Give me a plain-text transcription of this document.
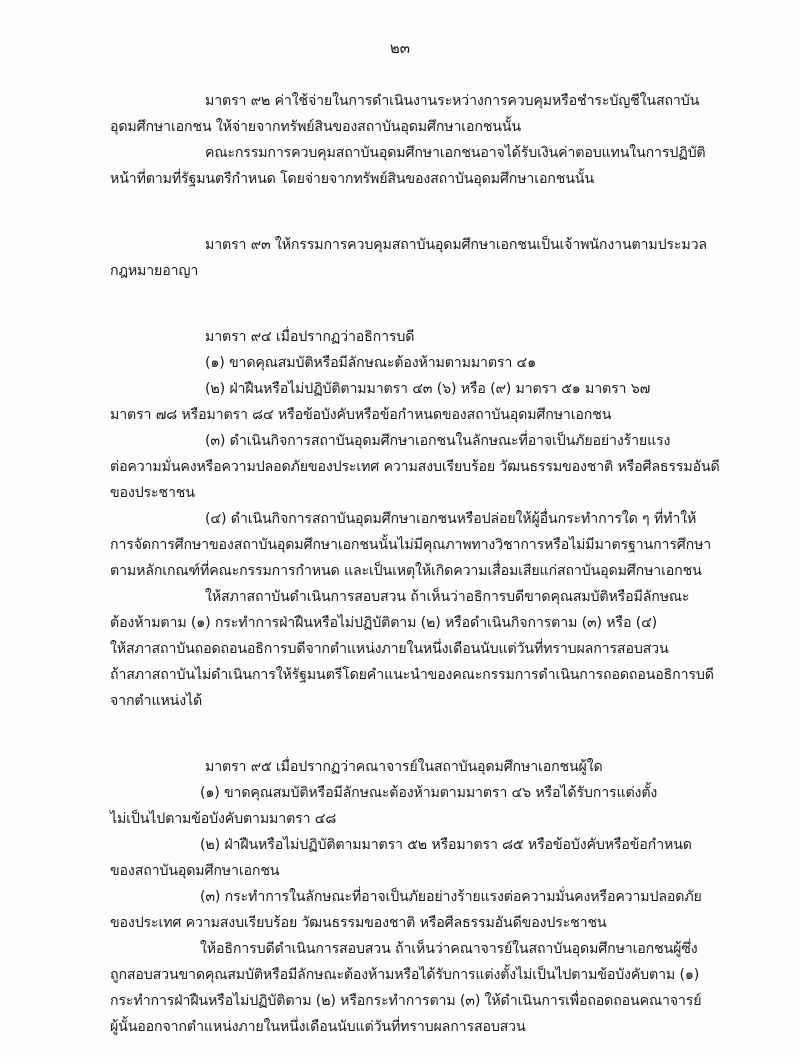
๒๓
มาตรา ๙๒ ค่าใช้จ่ายในการดำเนินงานระหว่างการควบคุมหรือชำระบัญชีในสถาบัน
อุดมศึกษาเอกชน ให้จ่ายจากทรัพย์สินของสถาบันอุดมศึกษาเอกชนนั้น
คณะกรรมการควบคุมสถาบันอุดมศึกษาเอกชนอาจได้รับเงินค่าตอบแทนในการปฏิบัติ
หน้าที่ตามที่รัฐมนตรีกำหนด โดยจ่ายจากทรัพย์สินของสถาบันอุดมศึกษาเอกชนนั้น
มาตรา ๙๓ ให้กรรมการควบคุมสถาบันอุดมศึกษาเอกชนเป็นเจ้าพนักงานตามประมวล
กฎหมายอาญา
มาตรา ๙๔ เมื่อปรากฏว่าอธิการบดี
(๑) ขาดคุณสมบัติหรือมีลักษณะต้องห้ามตามมาตรา ๔๑
(๒) ฝ่าฝืนหรือไม่ปฏิบัติตามมาตรา ๔๓ (๖) หรือ (๙) มาตรา ๕๑ มาตรา ๖๗
มาตรา ๗๘ หรือมาตรา ๘๔ หรือข้อบังคับหรือข้อกำหนดของสถาบันอุดมศึกษาเอกชน
(๓) ดำเนินกิจการสถาบันอุดมศึกษาเอกชนในลักษณะที่อาจเป็นภัยอย่างร้ายแรง
ต่อความมั่นคงหรือความปลอดภัยของประเทศ ความสงบเรียบร้อย วัฒนธรรมของชาติ หรือศีลธรรมอันดี
ของประชาชน
(๔) ดำเนินกิจการสถาบันอุดมศึกษาเอกชนหรือปล่อยให้ผู้อื่นกระทำการใด ๆ ที่ทำให้
การจัดการศึกษาของสถาบันอุดมศึกษาเอกชนนั้นไม่มีคุณภาพทางวิชาการหรือไม่มีมาตรฐานการศึกษา
ตามหลักเกณฑ์ที่คณะกรรมการกำหนด และเป็นเหตุให้เกิดความเสื่อมเสียแก่สถาบันอุดมศึกษาเอกชน
ให้สภาสถาบันดำเนินการสอบสวน ถ้าเห็นว่าอธิการบดีขาดคุณสมบัติหรือมีลักษณะ
ต้องห้ามตาม (๑) กระทำการฝ่าฝืนหรือไม่ปฏิบัติตาม (๒) หรือดำเนินกิจการตาม (๓) หรือ (๔)
ให้สภาสถาบันถอดถอนอธิการบดีจากตำแหน่งภายในหนึ่งเดือนนับแต่วันที่ทราบผลการสอบสวน
ถ้าสภาสถาบันไม่ดำเนินการให้รัฐมนตรีโดยคำแนะนำของคณะกรรมการดำเนินการถอดถอนอธิการบดี
จากตำแหน่งได้
มาตรา ๙๕ เมื่อปรากฏว่าคณาจารย์ในสถาบันอุดมศึกษาเอกชนผู้ใด
(๑) ขาดคุณสมบัติหรือมีลักษณะต้องห้ามตามมาตรา ๔๖ หรือได้รับการแต่งตั้ง
ไม่เป็นไปตามข้อบังคับตามมาตรา ๔๘
(๒) ฝ่าฝืนหรือไม่ปฏิบัติตามมาตรา ๕๒ หรือมาตรา ๘๕ หรือข้อบังคับหรือข้อกำหนด
ของสถาบันอุดมศึกษาเอกชน
(๓) กระทำการในลักษณะที่อาจเป็นภัยอย่างร้ายแรงต่อความมั่นคงหรือความปลอดภัย
ของประเทศ ความสงบเรียบร้อย วัฒนธรรมของชาติ หรือศีลธรรมอันดีของประชาชน
ให้อธิการบดีดำเนินการสอบสวน ถ้าเห็นว่าคณาจารย์ในสถาบันอุดมศึกษาเอกชนผู้ซึ่ง
ถูกสอบสวนขาดคุณสมบัติหรือมีลักษณะต้องห้ามหรือได้รับการแต่งตั้งไม่เป็นไปตามข้อบังคับตาม (๑)
กระทำการฝ่าฝืนหรือไม่ปฏิบัติตาม (๒) หรือกระทำการตาม (๓) ให้ดำเนินการเพื่อถอดถอนคณาจารย์
ผู้นั้นออกจากตำแหน่งภายในหนึ่งเดือนนับแต่วันที่ทราบผลการสอบสวน
